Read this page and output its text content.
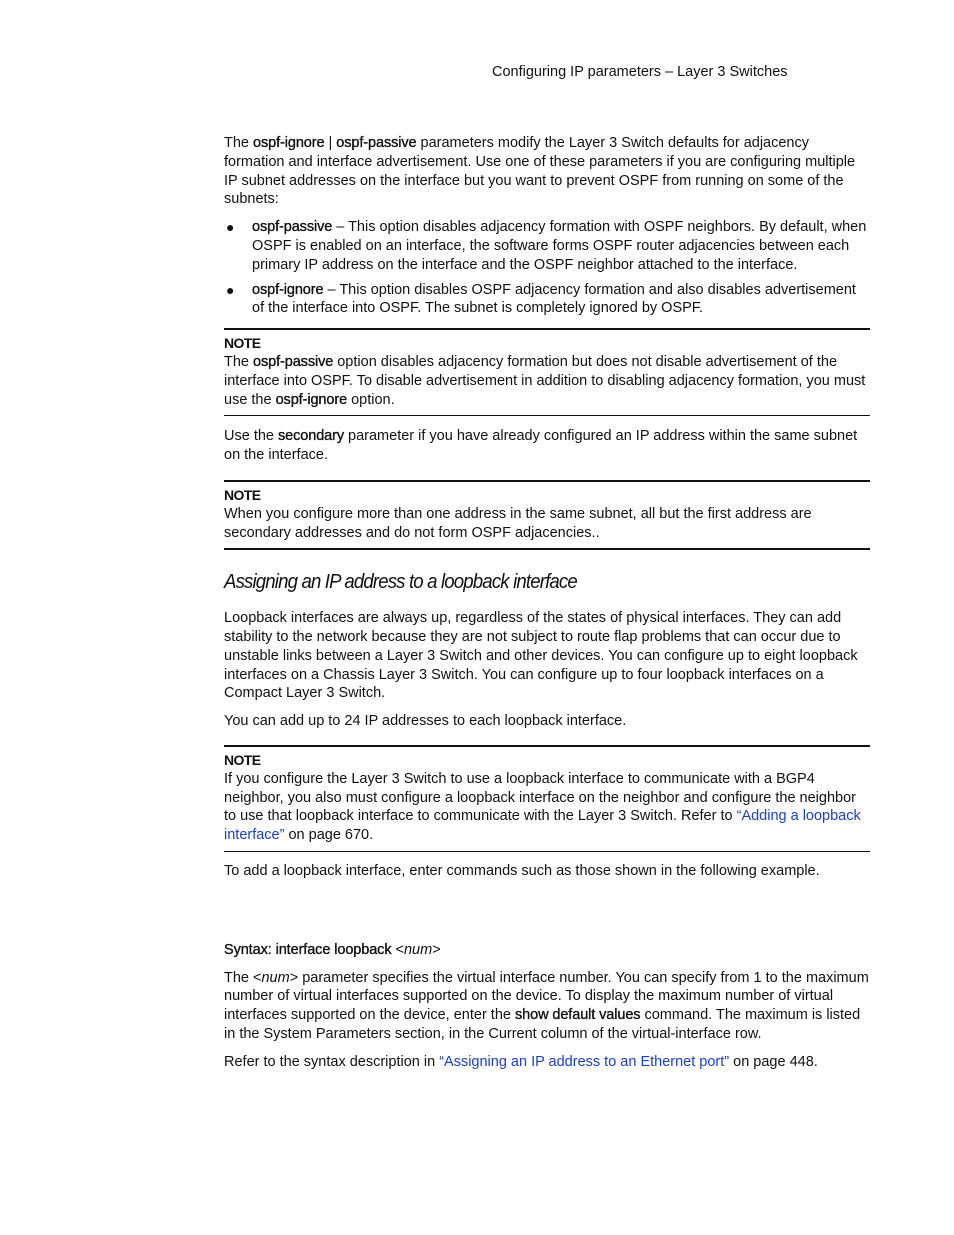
Configuring IP parameters – Layer 3 Switches

The ospf-ignore | ospf-passive parameters modify the Layer 3 Switch defaults for adjacency formation and interface advertisement. Use one of these parameters if you are configuring multiple IP subnet addresses on the interface but you want to prevent OSPF from running on some of the subnets:

● ospf-passive – This option disables adjacency formation with OSPF neighbors. By default, when OSPF is enabled on an interface, the software forms OSPF router adjacencies between each primary IP address on the interface and the OSPF neighbor attached to the interface.
● ospf-ignore – This option disables OSPF adjacency formation and also disables advertisement of the interface into OSPF. The subnet is completely ignored by OSPF.
NOTE

The ospf-passive option disables adjacency formation but does not disable advertisement of the interface into OSPF. To disable advertisement in addition to disabling adjacency formation, you must use the ospf-ignore option.

Use the secondary parameter if you have already configured an IP address within the same subnet on the interface.

NOTE

When you configure more than one address in the same subnet, all but the first address are secondary addresses and do not form OSPF adjacencies..

Assigning an IP address to a loopback interface

Loopback interfaces are always up, regardless of the states of physical interfaces. They can add stability to the network because they are not subject to route flap problems that can occur due to unstable links between a Layer 3 Switch and other devices. You can configure up to eight loopback interfaces on a Chassis Layer 3 Switch. You can configure up to four loopback interfaces on a Compact Layer 3 Switch.

You can add up to 24 IP addresses to each loopback interface.

NOTE

If you configure the Layer 3 Switch to use a loopback interface to communicate with a BGP4 neighbor, you also must configure a loopback interface on the neighbor and configure the neighbor to use that loopback interface to communicate with the Layer 3 Switch. Refer to “Adding a loopback interface” on page 670.

To add a loopback interface, enter commands such as those shown in the following example.

Syntax: interface loopback <num>

The <num> parameter specifies the virtual interface number. You can specify from 1 to the maximum number of virtual interfaces supported on the device. To display the maximum number of virtual interfaces supported on the device, enter the show default values command. The maximum is listed in the System Parameters section, in the Current column of the virtual-interface row.

Refer to the syntax description in “Assigning an IP address to an Ethernet port” on page 448.
